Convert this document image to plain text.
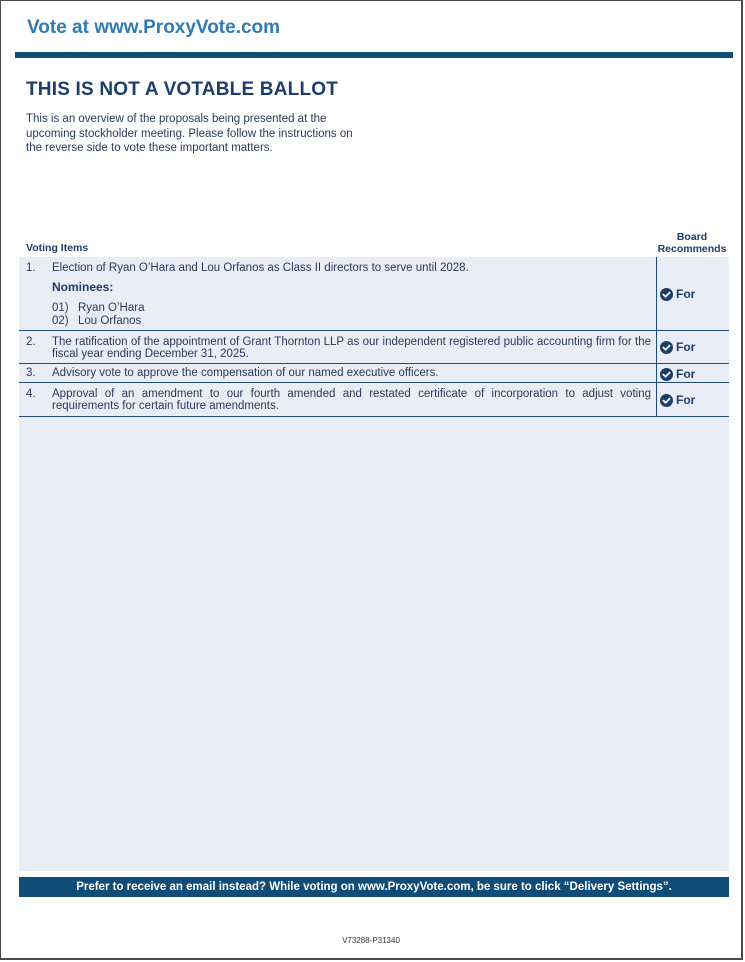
Vote at www.ProxyVote.com
THIS IS NOT A VOTABLE BALLOT
This is an overview of the proposals being presented at the upcoming stockholder meeting. Please follow the instructions on the reverse side to vote these important matters.
Voting Items
Board
Recommends
1. Election of Ryan O’Hara and Lou Orfanos as Class II directors to serve until 2028.
Nominees:
01) Ryan O’Hara
02) Lou Orfanos
For
2. The ratification of the appointment of Grant Thornton LLP as our independent registered public accounting firm for the fiscal year ending December 31, 2025.	For
3. Advisory vote to approve the compensation of our named executive officers.	For
4. Approval of an amendment to our fourth amended and restated certificate of incorporation to adjust voting requirements for certain future amendments.	For
Prefer to receive an email instead? While voting on www.ProxyVote.com, be sure to click “Delivery Settings”.
V73288-P31340
